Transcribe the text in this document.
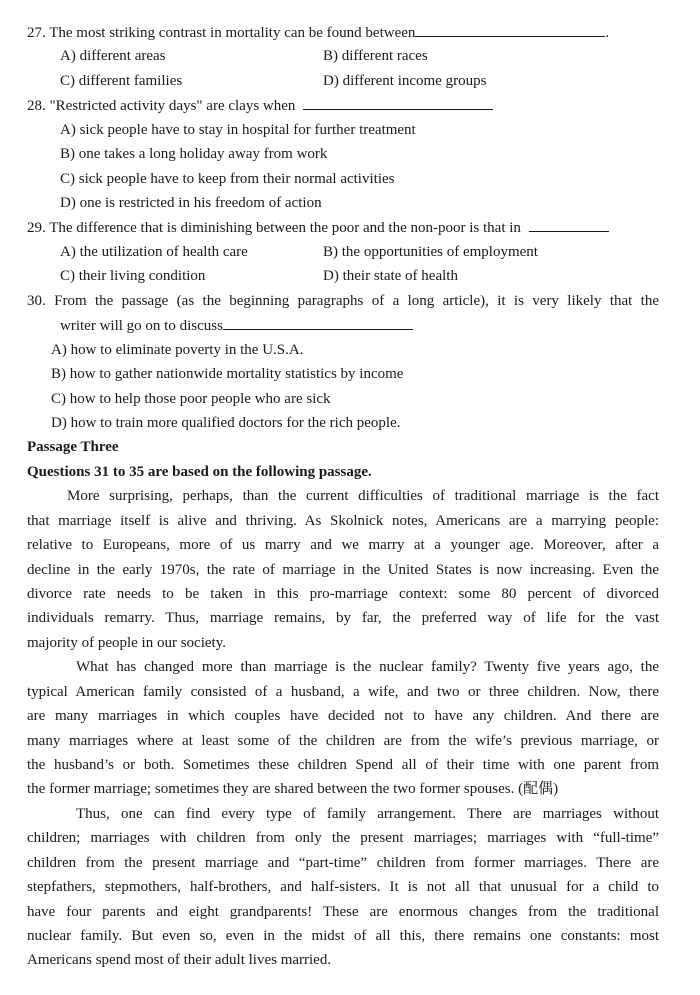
27. The most striking contrast in mortality can be found between	.
A) different areas	B) different races
C) different families	D) different income groups
28. "Restricted activity days" are clays when
A) sick people have to stay in hospital for further treatment
B) one takes a long holiday away from work
C) sick people have to keep from their normal activities
D) one is restricted in his freedom of action
29. The difference that is diminishing between the poor and the non-poor is that in
A) the utilization of health care	B) the opportunities of employment
C) their living condition	D) their state of health
30. From the passage (as the beginning paragraphs of a long article), it is very likely that the
writer will go on to discuss
A) how to eliminate poverty in the U.S.A.
B) how to gather nationwide mortality statistics by income
C) how to help those poor people who are sick
D) how to train more qualified doctors for the rich people.
Passage Three
Questions 31 to 35 are based on the following passage.
More surprising, perhaps, than the current difficulties of traditional marriage is the fact
that marriage itself is alive and thriving. As Skolnick notes, Americans are a marrying people:
relative to Europeans, more of us marry and we marry at a younger age. Moreover, after a
decline in the early 1970s, the rate of marriage in the United States is now increasing. Even the
divorce rate needs to be taken in this pro-marriage context: some 80 percent of divorced
individuals remarry. Thus, marriage remains, by far, the preferred way of life for the vast
majority of people in our society.
What has changed more than marriage is the nuclear family? Twenty five years ago, the
typical American family consisted of a husband, a wife, and two or three children. Now, there
are many marriages in which couples have decided not to have any children. And there are
many marriages where at least some of the children are from the wife’s previous marriage, or
the husband’s or both. Sometimes these children Spend all of their time with one parent from
the former marriage; sometimes they are shared between the two former spouses. (配偶)
Thus, one can find every type of family arrangement. There are marriages without
children; marriages with children from only the present marriages; marriages with “full-time”
children from the present marriage and “part-time” children from former marriages. There are
stepfathers, stepmothers, half-brothers, and half-sisters. It is not all that unusual for a child to
have four parents and eight grandparents! These are enormous changes from the traditional
nuclear family. But even so, even in the midst of all this, there remains one constants: most
Americans spend most of their adult lives married.
